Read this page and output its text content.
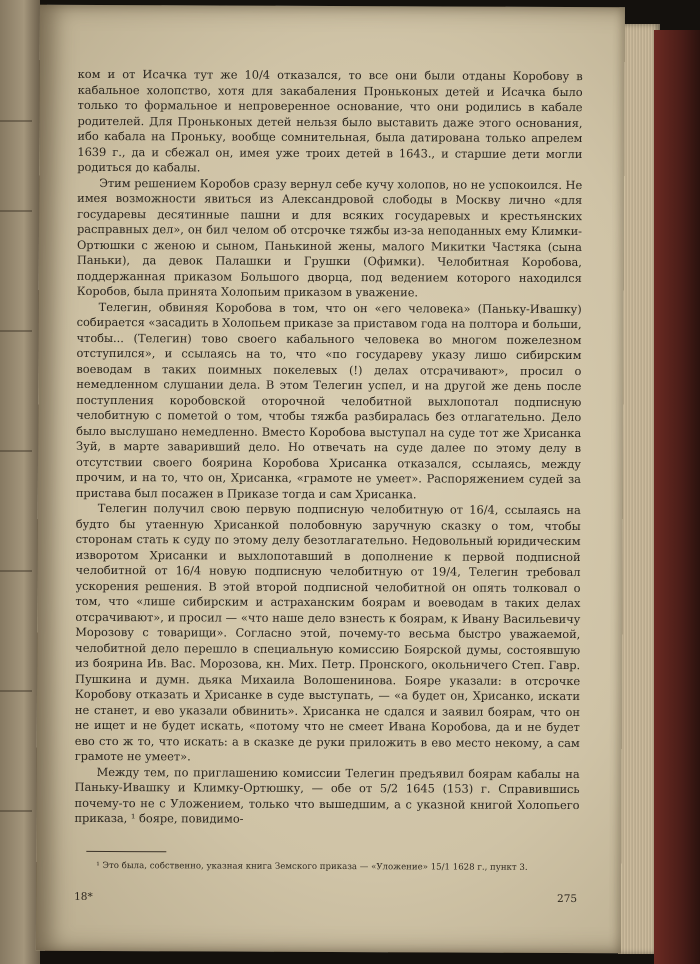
ком и от Исачка тут же 10/4 отказался, то все они были отданы Коробову в кабальное холопство, хотя для закабаления Проньконых детей и Исачка было только то формальное и непроверенное основание, что они родились в кабале родителей. Для Проньконых детей нельзя было выставить даже этого основания, ибо кабала на Проньку, вообще сомнительная, была датирована только апрелем 1639 г., да и сбежал он, имея уже троих детей в 1643., и старшие дети могли родиться до кабалы.

Этим решением Коробов сразу вернул себе кучу холопов, но не успокоился. Не имея возможности явиться из Александровой слободы в Москву лично «для государевы десятинные пашни и для всяких государевых и крестьянских расправных дел», он бил челом об отсрочке тяжбы из-за неподанных ему Климки-Ортюшки с женою и сыном, Панькиной жены, малого Микитки Частяка (сына Паньки), да девок Палашки и Грушки (Офимки). Челобитная Коробова, поддержанная приказом Большого дворца, под ведением которого находился Коробов, была принята Холопьим приказом в уважение.

Телегин, обвиняя Коробова в том, что он «его человека» (Панькy-Ивашку) собирается «засадить в Холопьем приказе за приставом года на полтора и больши, чтобы... (Телегин) тово своего кабального человека во многом пожелезном отступился», и ссылаясь на то, что «по государеву указу лишо сибирским воеводам в таких поимных покелевых (!) делах отсрачивают», просил о немедленном слушании дела. В этом Телегин успел, и на другой же день после поступления коробовской оторочной челобитной выхлопотал подписную челобитную с пометой о том, чтобы тяжба разбиралась без отлагательно. Дело было выслушано немедленно. Вместо Коробова выступал на суде тот же Хрисанка Зуй, в марте заваривший дело. Но отвечать на суде далее по этому делу в отсутствии своего боярина Коробова Хрисанка отказался, ссылаясь, между прочим, и на то, что он, Хрисанка, «грамоте не умеет». Распоряжением судей за пристава был посажен в Приказе тогда и сам Хрисанка.

Телегин получил свою первую подписную челобитную от 16/4, ссылаясь на будто бы утаенную Хрисанкой полобовную заручную сказку о том, чтобы сторонам стать к суду по этому делу безотлагательно. Недовольный юридическим изворотом Хрисанки и выхлопотавший в дополнение к первой подписной челобитной от 16/4 новую подписную челобитную от 19/4, Телегин требовал ускорения решения. В этой второй подписной челобитной он опять толковал о том, что «лише сибирским и астраханским боярам и воеводам в таких делах отсрачивают», и просил — «что наше дело взнесть к боярам, к Ивану Васильевичу Морозову с товарищи». Согласно этой, почему-то весьма быстро уважаемой, челобитной дело перешло в специальную комиссию Боярской думы, состоявшую из боярина Ив. Вас. Морозова, кн. Мих. Петр. Пронского, окольничего Степ. Гавр. Пушкина и думн. дьяка Михаила Волошенинова. Бояре указали: в отсрочке Коробову отказать и Хрисанке в суде выступать, — «а будет он, Хрисанко, искати не станет, и ево указали обвинить». Хрисанка не сдался и заявил боярам, что он не ищет и не будет искать, «потому что не смеет Ивана Коробова, да и не будет ево сто ж то, что искать: а в сказке де руки приложить в ево место некому, а сам грамоте не умеет».

Между тем, по приглашению комиссии Телегин предъявил боярам кабалы на Паньку-Ивашку и Климку-Ортюшку, — обе от 5/2 1645 (153) г. Справившись почему-то не с Уложением, только что вышедшим, а с указной книгой Холопьего приказа, ¹ бояре, повидимо-

¹ Это была, собственно, указная книга Земского приказа — «Уложение» 15/1 1628 г., пункт 3.
18*	275
